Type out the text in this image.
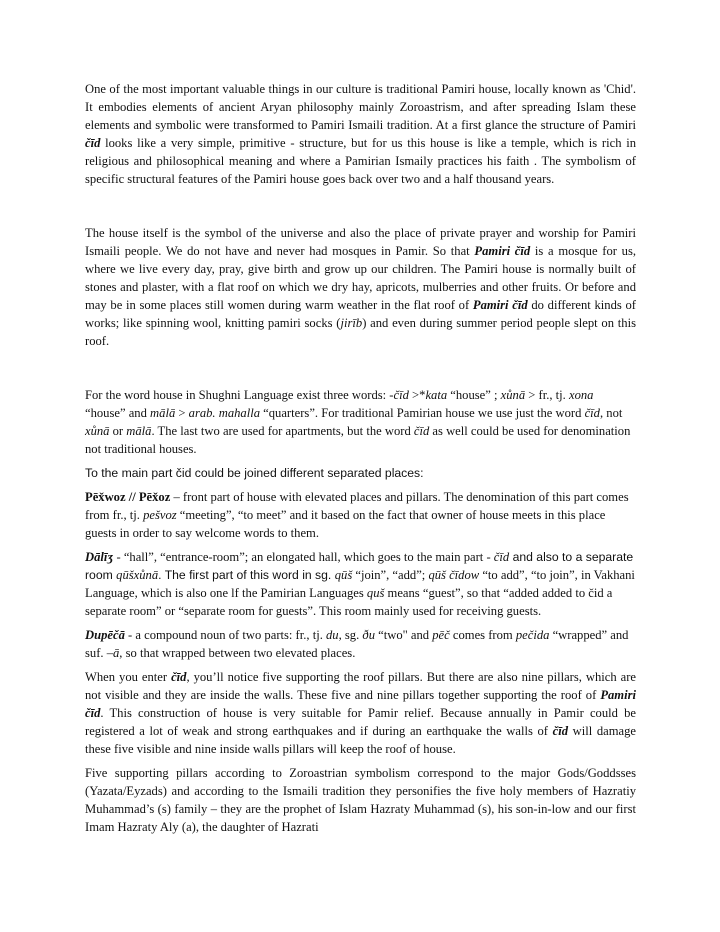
One of the most important valuable things in our culture is traditional Pamiri house, locally known as 'Chid'. It embodies elements of ancient Aryan philosophy mainly Zoroastrism, and after spreading Islam these elements and symbolic were transformed to Pamiri Ismaili tradition. At a first glance the structure of Pamiri čīd looks like a very simple, primitive - structure, but for us this house is like a temple, which is rich in religious and philosophical meaning and where a Pamirian Ismaily practices his faith . The symbolism of specific structural features of the Pamiri house goes back over two and a half thousand years.

The house itself is the symbol of the universe and also the place of private prayer and worship for Pamiri Ismaili people. We do not have and never had mosques in Pamir. So that Pamiri čīd is a mosque for us, where we live every day, pray, give birth and grow up our children. The Pamiri house is normally built of stones and plaster, with a flat roof on which we dry hay, apricots, mulberries and other fruits. Or before and may be in some places still women during warm weather in the flat roof of Pamiri čīd do different kinds of works; like spinning wool, knitting pamiri socks (jirīb) and even during summer period people slept on this roof.

For the word house in Shughni Language exist three words: -čīd >*kata “house” ; xůnā > fr., tj. xona “house” and mālā > arab. mahalla “quarters”. For traditional Pamirian house we use just the word čīd, not xůnā or mālā. The last two are used for apartments, but the word čīd as well could be used for denomination not traditional houses.

To the main part čid could be joined different separated places:

Pēx̌woz // Pēx̌oz – front part of house with elevated places and pillars. The denomination of this part comes from fr., tj. pešvoz “meeting”, “to meet” and it based on the fact that owner of house meets in this place guests in order to say welcome words to them.

Dālīʒ - “hall”, “entrance-room”; an elongated hall, which goes to the main part - čīd and also to a separate room qūšxůnā. The first part of this word in sg. qūš “join”, “add”; qūš čīdow “to add”, “to join”, in Vakhani Language, which is also one lf the Pamirian Languages quš means “guest”, so that “added added to čid a separate room” or “separate room for guests”. This room mainly used for receiving guests.

Dupēčā - a compound noun of two parts: fr., tj. du, sg. ðu “two" and pēč comes from pečida “wrapped” and suf. –ā, so that wrapped between two elevated places.

When you enter čīd, you’ll notice five supporting the roof pillars. But there are also nine pillars, which are not visible and they are inside the walls. These five and nine pillars together supporting the roof of Pamiri čīd. This construction of house is very suitable for Pamir relief. Because annually in Pamir could be registered a lot of weak and strong earthquakes and if during an earthquake the walls of čīd will damage these five visible and nine inside walls pillars will keep the roof of house.

Five supporting pillars according to Zoroastrian symbolism correspond to the major Gods/Goddsses (Yazata/Eyzads) and according to the Ismaili tradition they personifies the five holy members of Hazratiy Muhammad’s (s) family – they are the prophet of Islam Hazraty Muhammad (s), his son-in-low and our first Imam Hazraty Aly (a), the daughter of Hazrati
